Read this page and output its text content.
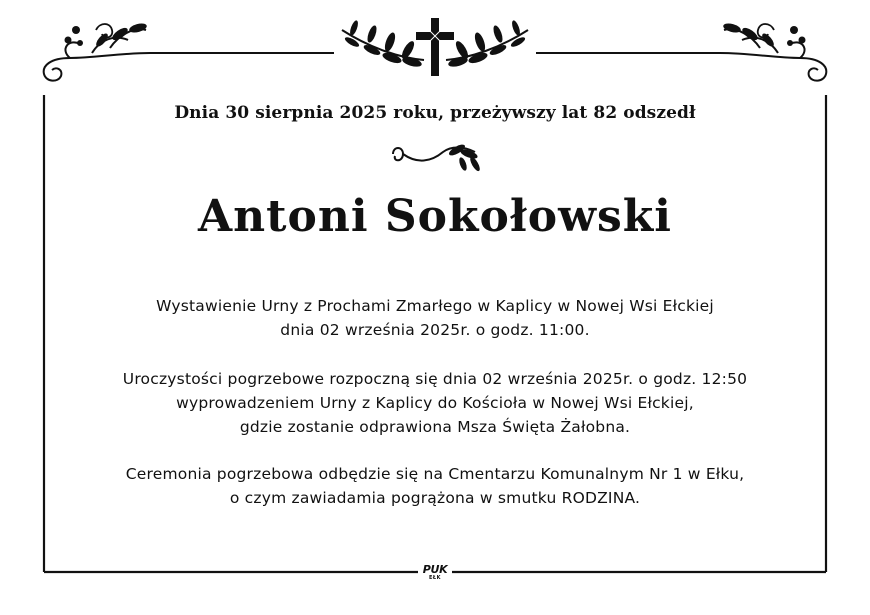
Dnia 30 sierpnia 2025 roku, przeżywszy lat 82 odszedł
Antoni Sokołowski
Wystawienie Urny z Prochami Zmarłego w Kaplicy w Nowej Wsi Ełckiej
dnia 02 września 2025r. o godz. 11:00.
Uroczystości pogrzebowe rozpoczną się dnia 02 września 2025r. o godz. 12:50
wyprowadzeniem Urny z Kaplicy do Kościoła w Nowej Wsi Ełckiej,
gdzie zostanie odprawiona Msza Święta Żałobna.
Ceremonia pogrzebowa odbędzie się na Cmentarzu Komunalnym Nr 1 w Ełku,
o czym zawiadamia pogrążona w smutku RODZINA.
PUK
EŁK
